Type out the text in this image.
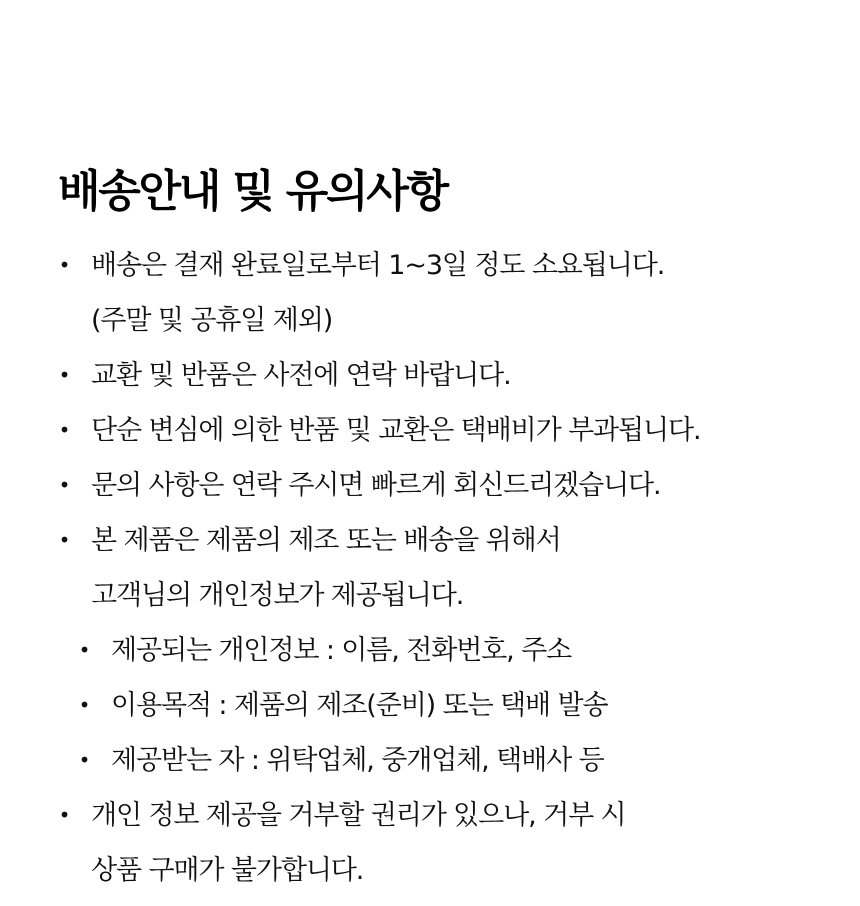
배송안내 및 유의사항
• 배송은 결재 완료일로부터 1~3일 정도 소요됩니다.
(주말 및 공휴일 제외)
• 교환 및 반품은 사전에 연락 바랍니다.
• 단순 변심에 의한 반품 및 교환은 택배비가 부과됩니다.
• 문의 사항은 연락 주시면 빠르게 회신드리겠습니다.
• 본 제품은 제품의 제조 또는 배송을 위해서
고객님의 개인정보가 제공됩니다.
• 제공되는 개인정보 : 이름, 전화번호, 주소
• 이용목적 : 제품의 제조(준비) 또는 택배 발송
• 제공받는 자 : 위탁업체, 중개업체, 택배사 등
• 개인 정보 제공을 거부할 권리가 있으나, 거부 시
상품 구매가 불가합니다.
